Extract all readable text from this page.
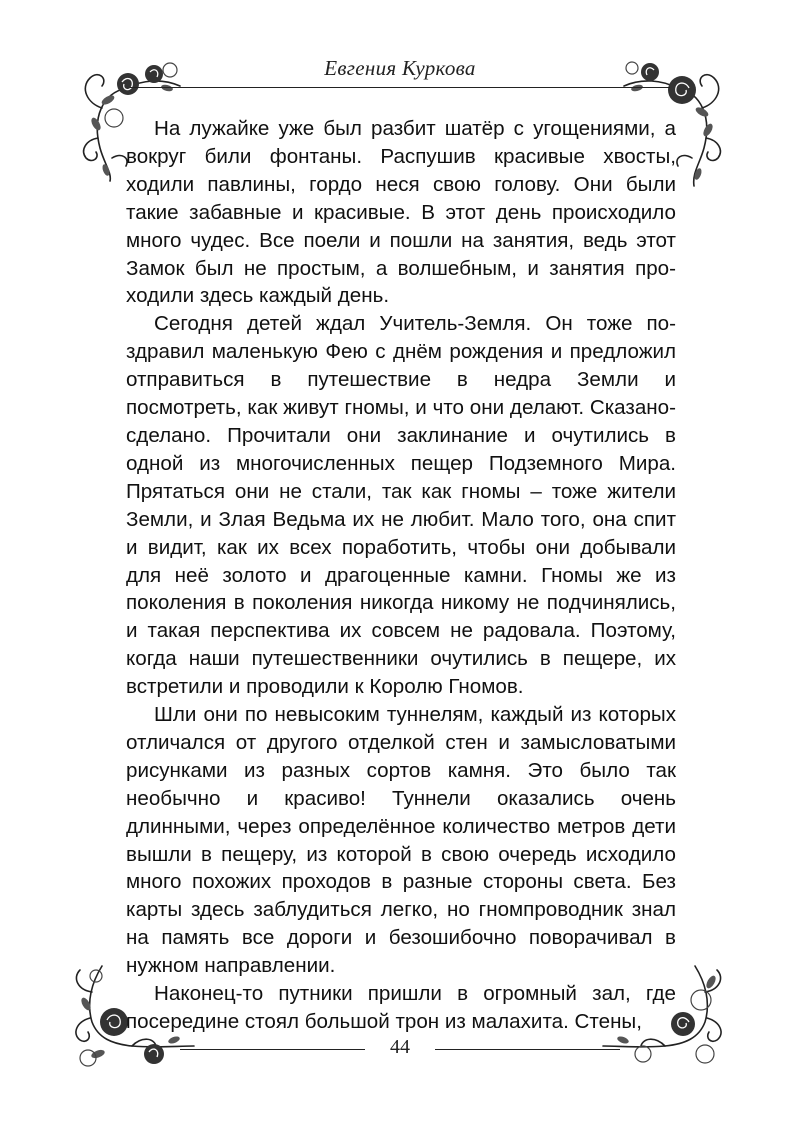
Евгения Куркова

На лужайке уже был разбит шатёр с угощениями, а вокруг били фонтаны. Распушив красивые хвосты, ходили павлины, гордо неся свою голову. Они были такие забавные и красивые. В этот день происходило много чудес. Все поели и пошли на занятия, ведь этот Замок был не простым, а волшебным, и занятия проходили здесь каждый день.

Сегодня детей ждал Учитель-Земля. Он тоже поздравил маленькую Фею с днём рождения и предложил отправиться в путешествие в недра Земли и посмотреть, как живут гномы, и что они делают. Сказано-сделано. Прочитали они заклинание и очутились в одной из многочисленных пещер Подземного Мира. Прятаться они не стали, так как гномы – тоже жители Земли, и Злая Ведьма их не любит. Мало того, она спит и видит, как их всех поработить, чтобы они добывали для неё золото и драгоценные камни. Гномы же из поколения в поколения никогда никому не подчинялись, и такая перспектива их совсем не радовала. Поэтому, когда наши путешественники очутились в пещере, их встретили и проводили к Королю Гномов.

Шли они по невысоким туннелям, каждый из которых отличался от другого отделкой стен и замысловатыми рисунками из разных сортов камня. Это было так необычно и красиво! Туннели оказались очень длинными, через определённое количество метров дети вышли в пещеру, из которой в свою очередь исходило много похожих проходов в разные стороны света. Без карты здесь заблудиться легко, но гномпроводник знал на память все дороги и безошибочно поворачивал в нужном направлении.

Наконец-то путники пришли в огромный зал, где посередине стоял большой трон из малахита. Стены,

44
